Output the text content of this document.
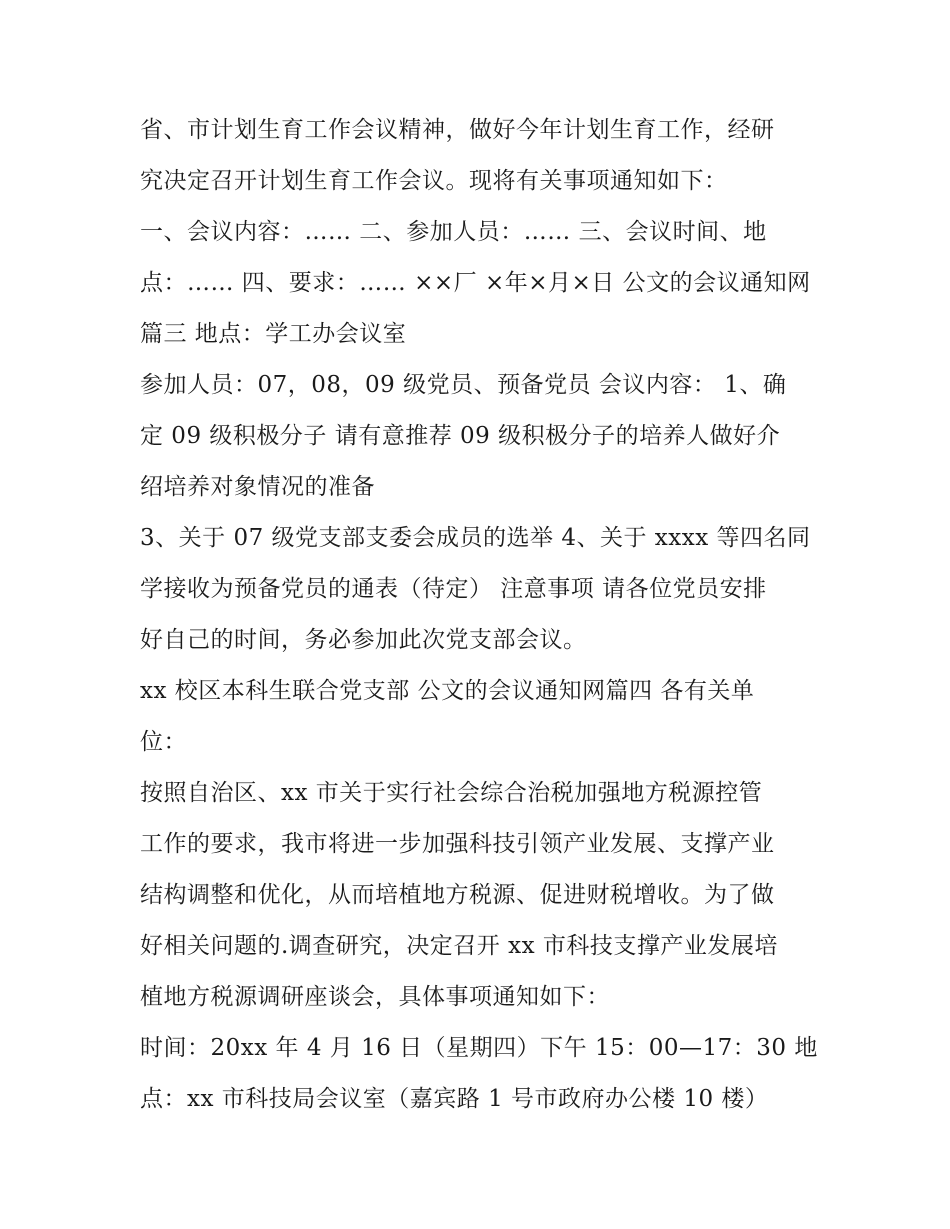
省、市计划生育工作会议精神，做好今年计划生育工作，经研
究决定召开计划生育工作会议。现将有关事项通知如下：
一、会议内容：…… 二、参加人员：…… 三、会议时间、地
点：…… 四、要求：…… ××厂 ×年×月×日 公文的会议通知网
篇三 地点：学工办会议室
参加人员：07，08，09 级党员、预备党员 会议内容： 1、确
定 09 级积极分子 请有意推荐 09 级积极分子的培养人做好介
绍培养对象情况的准备
3、关于 07 级党支部支委会成员的选举 4、关于 xxxx 等四名同
学接收为预备党员的通表（待定） 注意事项 请各位党员安排
好自己的时间，务必参加此次党支部会议。
xx 校区本科生联合党支部 公文的会议通知网篇四 各有关单
位：
按照自治区、xx 市关于实行社会综合治税加强地方税源控管
工作的要求，我市将进一步加强科技引领产业发展、支撑产业
结构调整和优化，从而培植地方税源、促进财税增收。为了做
好相关问题的.调查研究，决定召开 xx 市科技支撑产业发展培
植地方税源调研座谈会，具体事项通知如下：
时间：20xx 年 4 月 16 日（星期四）下午 15：00—17：30 地
点：xx 市科技局会议室（嘉宾路 1 号市政府办公楼 10 楼）
